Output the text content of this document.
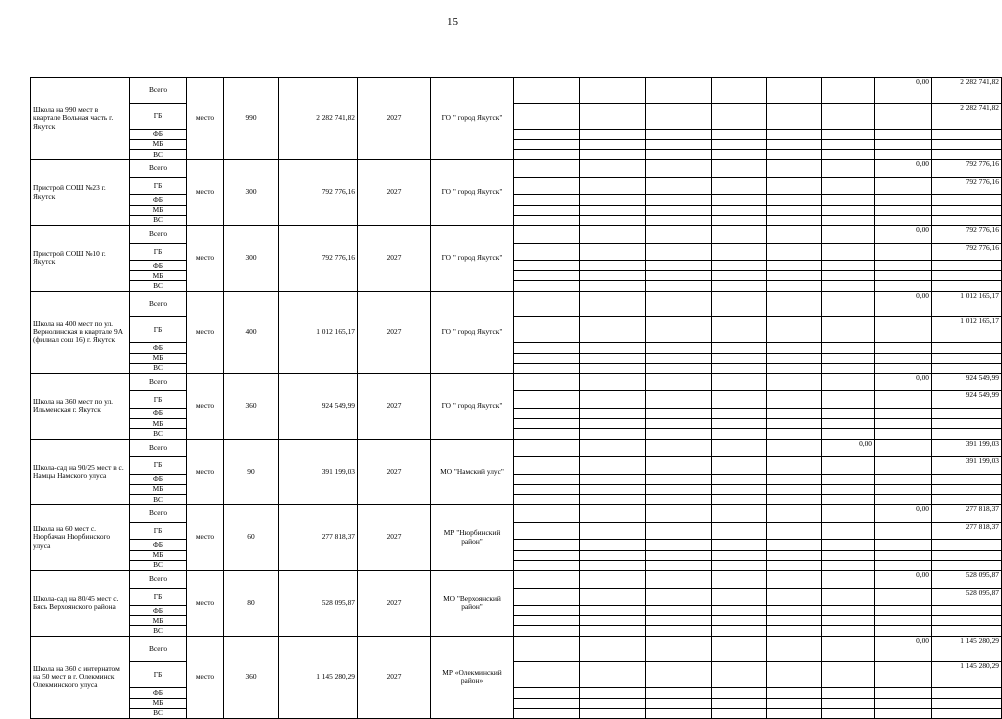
15
Школа на 990 мест в квартале Вольная часть г. Якутск	Всего	место	990	2 282 741,82	2027	ГО " город Якутск"							0,00	2 282 741,82	
	ГБ													2 282 741,82	
	ФБ														
	МБ														
	ВС														
Пристрой СОШ №23 г. Якутск	Всего	место	300	792 776,16	2027	ГО " город Якутск"							0,00	792 776,16	
	ГБ													792 776,16	
	ФБ														
	МБ														
	ВС														
Пристрой СОШ №10 г. Якутск	Всего	место	300	792 776,16	2027	ГО " город Якутск"							0,00	792 776,16	
	ГБ													792 776,16	
	ФБ														
	МБ														
	ВС														
Школа на 400 мест по ул. Вернолинская в квартале 9А (филиал сош 16) г. Якутск	Всего	место	400	1 012 165,17	2027	ГО " город Якутск"							0,00	1 012 165,17	
	ГБ													1 012 165,17	
	ФБ														
	МБ														
	ВС														
Школа на 360 мест по ул. Ильменская г. Якутск	Всего	место	360	924 549,99	2027	ГО " город Якутск"							0,00	924 549,99	
	ГБ													924 549,99	
	ФБ														
	МБ														
	ВС														
Школа-сад на 90/25 мест в с. Намцы Намского улуса	Всего	место	90	391 199,03	2027	МО "Намский улус"						0,00		391 199,03	
	ГБ													391 199,03	
	ФБ														
	МБ														
	ВС														
Школа на 60 мест с. Нюрбачан Нюрбинского улуса	Всего	место	60	277 818,37	2027	МР "Нюрбинский район"							0,00	277 818,37	
	ГБ													277 818,37	
	ФБ														
	МБ														
	ВС														
Школа-сад на 80/45 мест с. Бясь Верхоянского района	Всего	место	80	528 095,87	2027	МО "Верхоянский район"							0,00	528 095,87	
	ГБ													528 095,87	
	ФБ														
	МБ														
	ВС														
Школа на 360 с интернатом на 50 мест в г. Олекминск Олекминского улуса	Всего	место	360	1 145 280,29	2027	МР «Олекминский район»							0,00	1 145 280,29	
	ГБ													1 145 280,29	
	ФБ														
	МБ														
	ВС														
